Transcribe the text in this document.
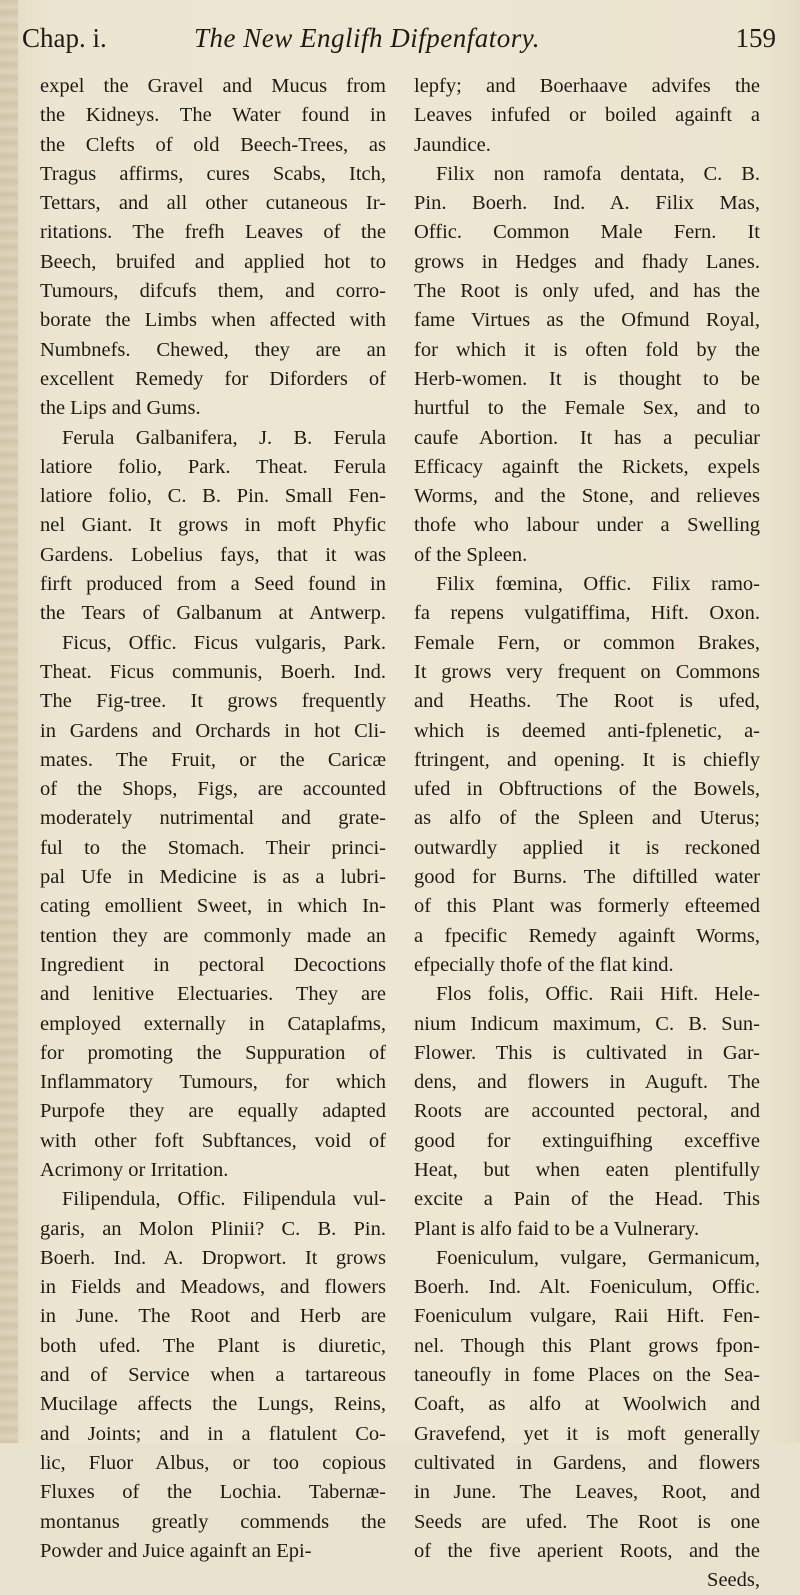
Chap. i.	The New Englifh Difpenfatory.	159
expel the Gravel and Mucus from
the Kidneys. The Water found in
the Clefts of old Beech-Trees, as
Tragus affirms, cures Scabs, Itch,
Tettars, and all other cutaneous Ir-
ritations. The frefh Leaves of the
Beech, bruifed and applied hot to
Tumours, difcufs them, and corro-
borate the Limbs when affected with
Numbnefs. Chewed, they are an
excellent Remedy for Diforders of
the Lips and Gums.
Ferula Galbanifera, J. B. Ferula
latiore folio, Park. Theat. Ferula
latiore folio, C. B. Pin. Small Fen-
nel Giant. It grows in moft Phyfic
Gardens. Lobelius fays, that it was
firft produced from a Seed found in
the Tears of Galbanum at Antwerp.
Ficus, Offic. Ficus vulgaris, Park.
Theat. Ficus communis, Boerh. Ind.
The Fig-tree. It grows frequently
in Gardens and Orchards in hot Cli-
mates. The Fruit, or the Caricæ
of the Shops, Figs, are accounted
moderately nutrimental and grate-
ful to the Stomach. Their princi-
pal Ufe in Medicine is as a lubri-
cating emollient Sweet, in which In-
tention they are commonly made an
Ingredient in pectoral Decoctions
and lenitive Electuaries. They are
employed externally in Cataplafms,
for promoting the Suppuration of
Inflammatory Tumours, for which
Purpofe they are equally adapted
with other foft Subftances, void of
Acrimony or Irritation.
Filipendula, Offic. Filipendula vul-
garis, an Molon Plinii? C. B. Pin.
Boerh. Ind. A. Dropwort. It grows
in Fields and Meadows, and flowers
in June. The Root and Herb are
both ufed. The Plant is diuretic,
and of Service when a tartareous
Mucilage affects the Lungs, Reins,
and Joints; and in a flatulent Co-
lic, Fluor Albus, or too copious
Fluxes of the Lochia. Tabernæ-
montanus greatly commends the
Powder and Juice againft an Epi-
lepfy; and Boerhaave advifes the
Leaves infufed or boiled againft a
Jaundice.
Filix non ramofa dentata, C. B.
Pin. Boerh. Ind. A. Filix Mas,
Offic. Common Male Fern. It
grows in Hedges and fhady Lanes.
The Root is only ufed, and has the
fame Virtues as the Ofmund Royal,
for which it is often fold by the
Herb-women. It is thought to be
hurtful to the Female Sex, and to
caufe Abortion. It has a peculiar
Efficacy againft the Rickets, expels
Worms, and the Stone, and relieves
thofe who labour under a Swelling
of the Spleen.
Filix fœmina, Offic. Filix ramo-
fa repens vulgatiffima, Hift. Oxon.
Female Fern, or common Brakes,
It grows very frequent on Commons
and Heaths. The Root is ufed,
which is deemed anti-fplenetic, a-
ftringent, and opening. It is chiefly
ufed in Obftructions of the Bowels,
as alfo of the Spleen and Uterus;
outwardly applied it is reckoned
good for Burns. The diftilled water
of this Plant was formerly efteemed
a fpecific Remedy againft Worms,
efpecially thofe of the flat kind.
Flos folis, Offic. Raii Hift. Hele-
nium Indicum maximum, C. B. Sun-
Flower. This is cultivated in Gar-
dens, and flowers in Auguft. The
Roots are accounted pectoral, and
good for extinguifhing exceffive
Heat, but when eaten plentifully
excite a Pain of the Head. This
Plant is alfo faid to be a Vulnerary.
Foeniculum, vulgare, Germanicum,
Boerh. Ind. Alt. Foeniculum, Offic.
Foeniculum vulgare, Raii Hift. Fen-
nel. Though this Plant grows fpon-
taneoufly in fome Places on the Sea-
Coaft, as alfo at Woolwich and
Gravefend, yet it is moft generally
cultivated in Gardens, and flowers
in June. The Leaves, Root, and
Seeds are ufed. The Root is one
of the five aperient Roots, and the
Seeds,
